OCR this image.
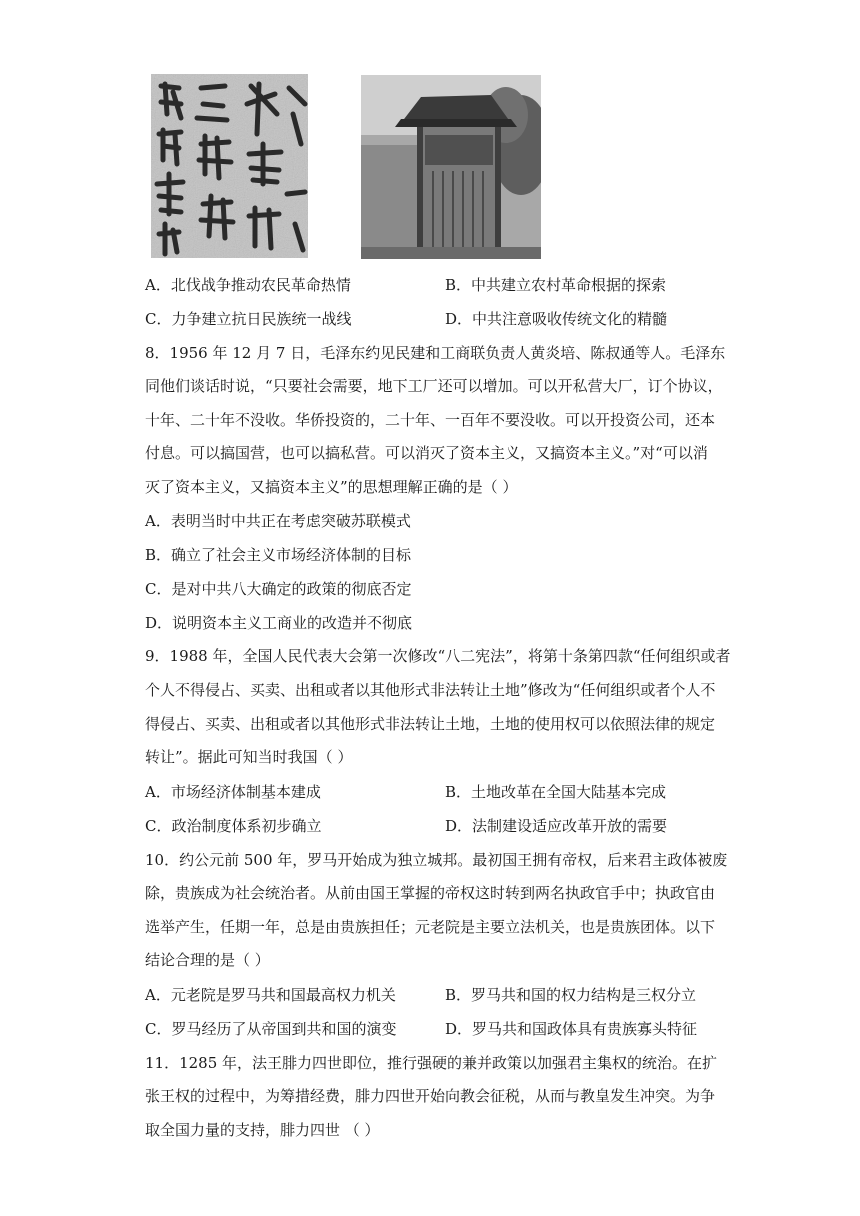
A．北伐战争推动农民革命热情	B．中共建立农村革命根据的探索
C．力争建立抗日民族统一战线	D．中共注意吸收传统文化的精髓
8．1956 年 12 月 7 日，毛泽东约见民建和工商联负责人黄炎培、陈叔通等人。毛泽东
同他们谈话时说，“只要社会需要，地下工厂还可以增加。可以开私营大厂，订个协议，
十年、二十年不没收。华侨投资的，二十年、一百年不要没收。可以开投资公司，还本
付息。可以搞国营，也可以搞私营。可以消灭了资本主义，又搞资本主义。”对“可以消
灭了资本主义，又搞资本主义”的思想理解正确的是（ ）
A．表明当时中共正在考虑突破苏联模式
B．确立了社会主义市场经济体制的目标
C．是对中共八大确定的政策的彻底否定
D．说明资本主义工商业的改造并不彻底
9．1988 年，全国人民代表大会第一次修改“八二宪法”，将第十条第四款“任何组织或者
个人不得侵占、买卖、出租或者以其他形式非法转让土地”修改为“任何组织或者个人不
得侵占、买卖、出租或者以其他形式非法转让土地，土地的使用权可以依照法律的规定
转让”。据此可知当时我国（ ）
A．市场经济体制基本建成	B．土地改革在全国大陆基本完成
C．政治制度体系初步确立	D．法制建设适应改革开放的需要
10．约公元前 500 年，罗马开始成为独立城邦。最初国王拥有帝权，后来君主政体被废
除，贵族成为社会统治者。从前由国王掌握的帝权这时转到两名执政官手中；执政官由
选举产生，任期一年，总是由贵族担任；元老院是主要立法机关，也是贵族团体。以下
结论合理的是（ ）
A．元老院是罗马共和国最高权力机关	B．罗马共和国的权力结构是三权分立
C．罗马经历了从帝国到共和国的演变	D．罗马共和国政体具有贵族寡头特征
11．1285 年，法王腓力四世即位，推行强硬的兼并政策以加强君主集权的统治。在扩
张王权的过程中，为筹措经费，腓力四世开始向教会征税，从而与教皇发生冲突。为争
取全国力量的支持，腓力四世 （ ）
